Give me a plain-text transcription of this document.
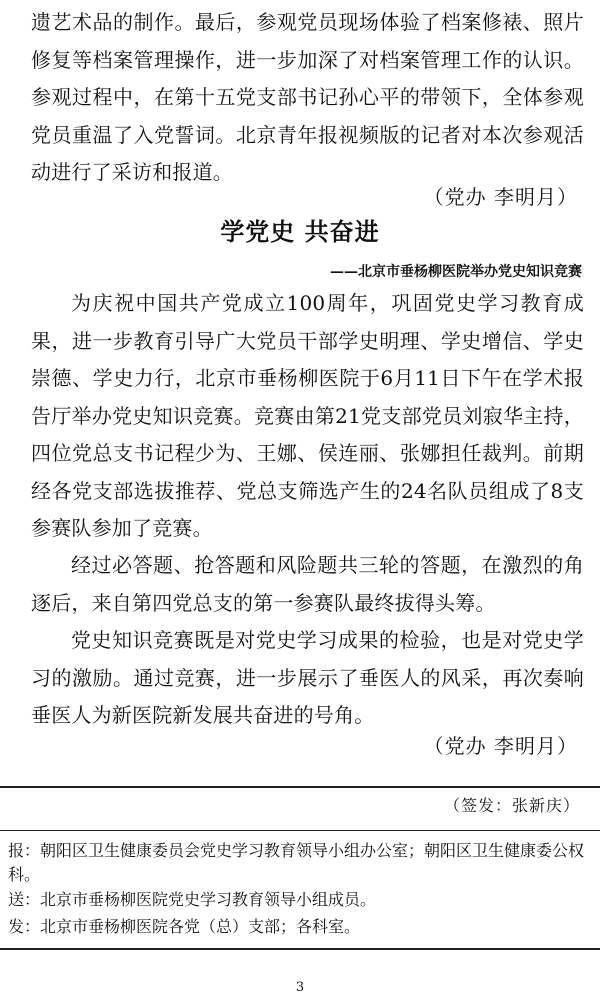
遗艺术品的制作。最后，参观党员现场体验了档案修裱、照片修复等档案管理操作，进一步加深了对档案管理工作的认识。参观过程中，在第十五党支部书记孙心平的带领下，全体参观党员重温了入党誓词。北京青年报视频版的记者对本次参观活动进行了采访和报道。

（党办 李明月）
学党史 共奋进
——北京市垂杨柳医院举办党史知识竞赛

为庆祝中国共产党成立100周年，巩固党史学习教育成果，进一步教育引导广大党员干部学史明理、学史增信、学史崇德、学史力行，北京市垂杨柳医院于6月11日下午在学术报告厅举办党史知识竞赛。竞赛由第21党支部党员刘寂华主持，四位党总支书记程少为、王娜、侯连丽、张娜担任裁判。前期经各党支部选拔推荐、党总支筛选产生的24名队员组成了8支参赛队参加了竞赛。

经过必答题、抢答题和风险题共三轮的答题，在激烈的角逐后，来自第四党总支的第一参赛队最终拔得头筹。

党史知识竞赛既是对党史学习成果的检验，也是对党史学习的激励。通过竞赛，进一步展示了垂医人的风采，再次奏响垂医人为新医院新发展共奋进的号角。

（党办 李明月）
（签发：张新庆）
报：朝阳区卫生健康委员会党史学习教育领导小组办公室；朝阳区卫生健康委公权科。
送：北京市垂杨柳医院党史学习教育领导小组成员。
发：北京市垂杨柳医院各党（总）支部；各科室。
3
